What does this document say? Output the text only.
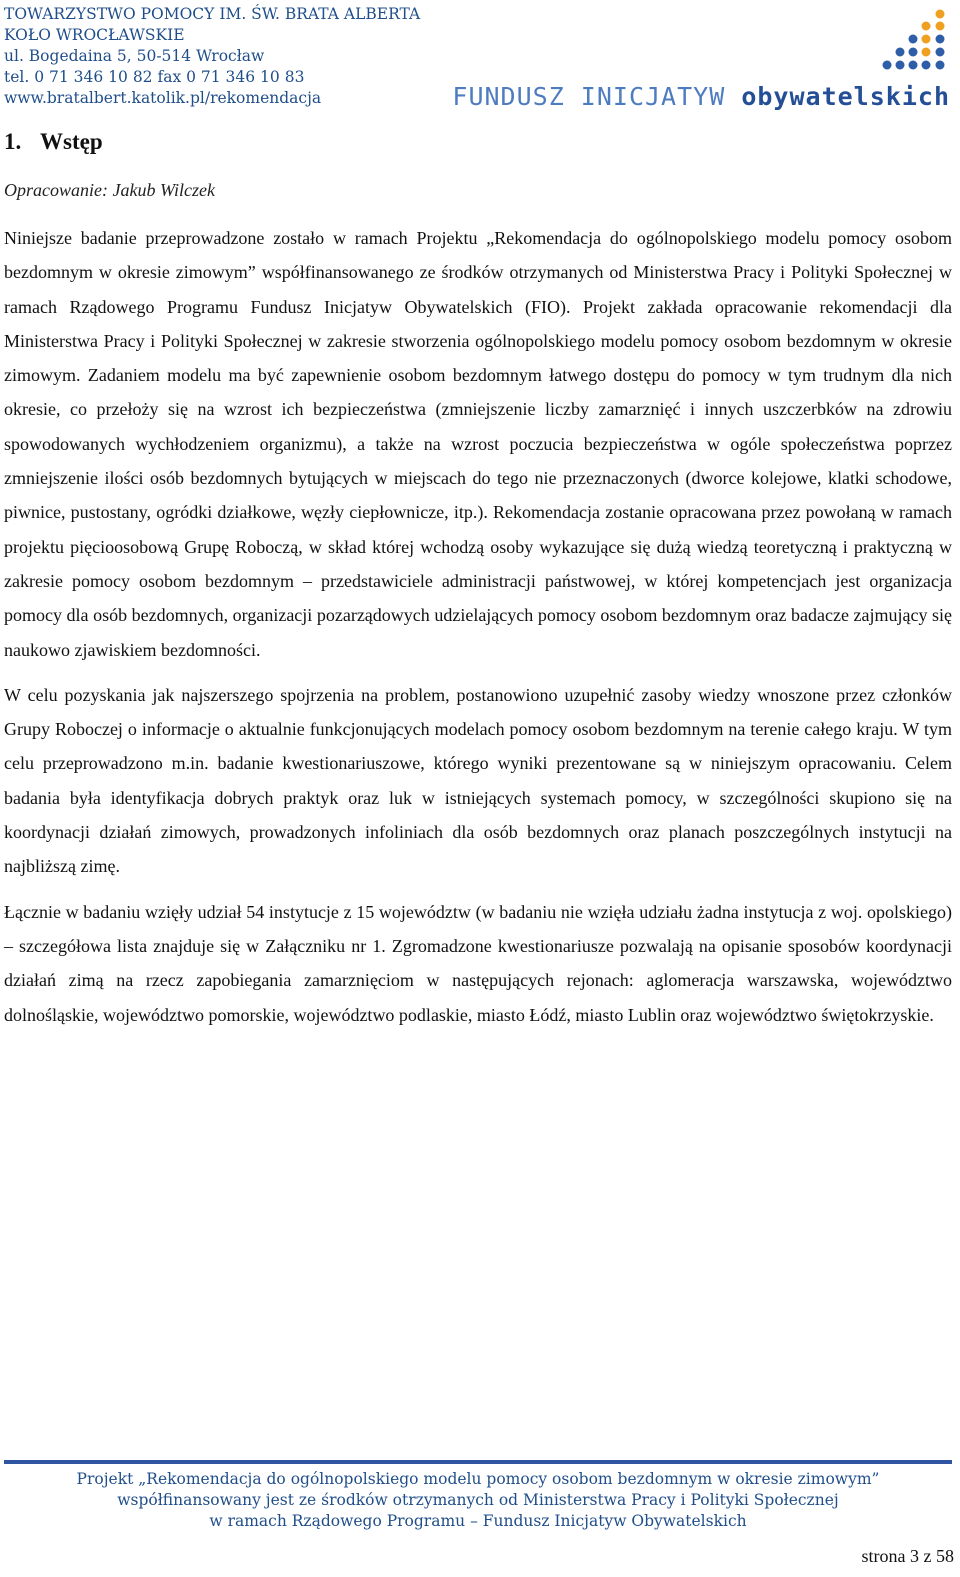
TOWARZYSTWO POMOCY IM. ŚW. BRATA ALBERTA
KOŁO WROCŁAWSKIE
ul. Bogedaina 5, 50-514 Wrocław
tel. 0 71 346 10 82 fax 0 71 346 10 83
www.bratalbert.katolik.pl/rekomendacja	FUNDUSZ INICJATYW obywatelskich
1. Wstęp

Opracowanie: Jakub Wilczek

Niniejsze badanie przeprowadzone zostało w ramach Projektu „Rekomendacja do ogólnopolskiego modelu pomocy osobom bezdomnym w okresie zimowym” współfinansowanego ze środków otrzymanych od Ministerstwa Pracy i Polityki Społecznej w ramach Rządowego Programu Fundusz Inicjatyw Obywatelskich (FIO). Projekt zakłada opracowanie rekomendacji dla Ministerstwa Pracy i Polityki Społecznej w zakresie stworzenia ogólnopolskiego modelu pomocy osobom bezdomnym w okresie zimowym. Zadaniem modelu ma być zapewnienie osobom bezdomnym łatwego dostępu do pomocy w tym trudnym dla nich okresie, co przełoży się na wzrost ich bezpieczeństwa (zmniejszenie liczby zamarznięć i innych uszczerbków na zdrowiu spowodowanych wychłodzeniem organizmu), a także na wzrost poczucia bezpieczeństwa w ogóle społeczeństwa poprzez zmniejszenie ilości osób bezdomnych bytujących w miejscach do tego nie przeznaczonych (dworce kolejowe, klatki schodowe, piwnice, pustostany, ogródki działkowe, węzły ciepłownicze, itp.). Rekomendacja zostanie opracowana przez powołaną w ramach projektu pięcioosobową Grupę Roboczą, w skład której wchodzą osoby wykazujące się dużą wiedzą teoretyczną i praktyczną w zakresie pomocy osobom bezdomnym – przedstawiciele administracji państwowej, w której kompetencjach jest organizacja pomocy dla osób bezdomnych, organizacji pozarządowych udzielających pomocy osobom bezdomnym oraz badacze zajmujący się naukowo zjawiskiem bezdomności.

W celu pozyskania jak najszerszego spojrzenia na problem, postanowiono uzupełnić zasoby wiedzy wnoszone przez członków Grupy Roboczej o informacje o aktualnie funkcjonujących modelach pomocy osobom bezdomnym na terenie całego kraju. W tym celu przeprowadzono m.in. badanie kwestionariuszowe, którego wyniki prezentowane są w niniejszym opracowaniu. Celem badania była identyfikacja dobrych praktyk oraz luk w istniejących systemach pomocy, w szczególności skupiono się na koordynacji działań zimowych, prowadzonych infoliniach dla osób bezdomnych oraz planach poszczególnych instytucji na najbliższą zimę.

Łącznie w badaniu wzięły udział 54 instytucje z 15 województw (w badaniu nie wzięła udziału żadna instytucja z woj. opolskiego) – szczegółowa lista znajduje się w Załączniku nr 1. Zgromadzone kwestionariusze pozwalają na opisanie sposobów koordynacji działań zimą na rzecz zapobiegania zamarznięciom w następujących rejonach: aglomeracja warszawska, województwo dolnośląskie, województwo pomorskie, województwo podlaskie, miasto Łódź, miasto Lublin oraz województwo świętokrzyskie.

Projekt „Rekomendacja do ogólnopolskiego modelu pomocy osobom bezdomnym w okresie zimowym”
współfinansowany jest ze środków otrzymanych od Ministerstwa Pracy i Polityki Społecznej
w ramach Rządowego Programu – Fundusz Inicjatyw Obywatelskich
strona 3 z 58
